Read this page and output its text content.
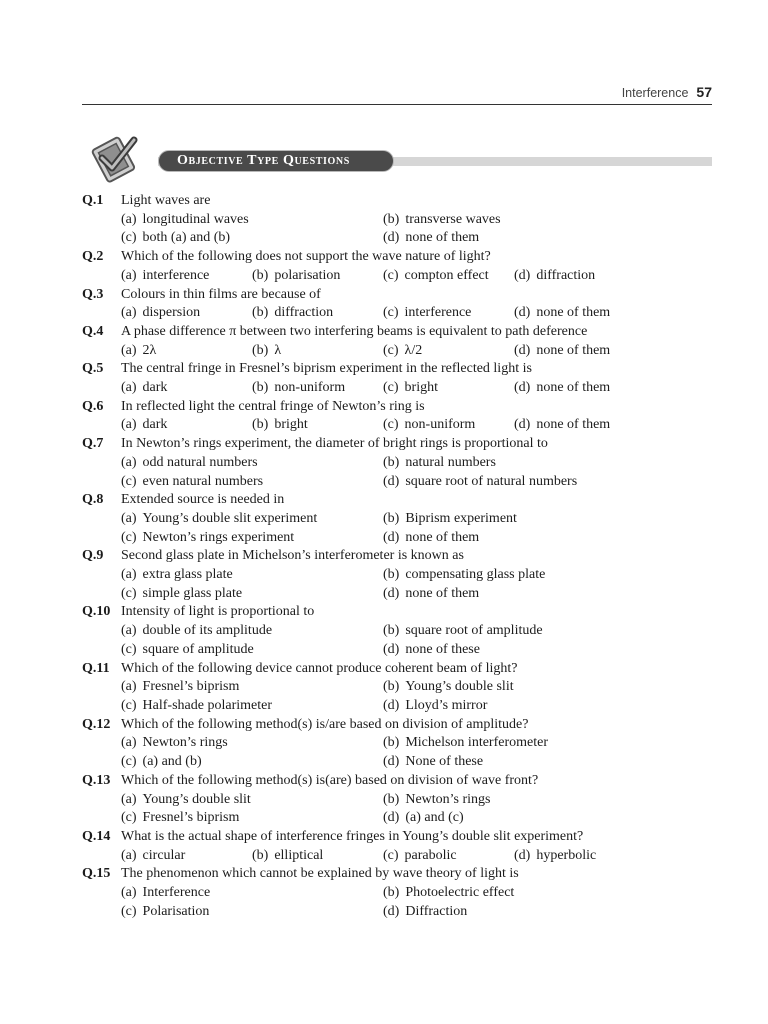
Interference 57
Objective Type Questions
Q.1	Light waves are
(a) longitudinal waves	(b) transverse waves
(c) both (a) and (b)	(d) none of them
Q.2	Which of the following does not support the wave nature of light?
(a) interference	(b) polarisation	(c) compton effect	(d) diffraction
Q.3	Colours in thin films are because of
(a) dispersion	(b) diffraction	(c) interference	(d) none of them
Q.4	A phase difference π between two interfering beams is equivalent to path deference
(a) 2λ	(b) λ	(c) λ/2	(d) none of them
Q.5	The central fringe in Fresnel’s biprism experiment in the reflected light is
(a) dark	(b) non-uniform	(c) bright	(d) none of them
Q.6	In reflected light the central fringe of Newton’s ring is
(a) dark	(b) bright	(c) non-uniform	(d) none of them
Q.7	In Newton’s rings experiment, the diameter of bright rings is proportional to
(a) odd natural numbers	(b) natural numbers
(c) even natural numbers	(d) square root of natural numbers
Q.8	Extended source is needed in
(a) Young’s double slit experiment	(b) Biprism experiment
(c) Newton’s rings experiment	(d) none of them
Q.9	Second glass plate in Michelson’s interferometer is known as
(a) extra glass plate	(b) compensating glass plate
(c) simple glass plate	(d) none of them
Q.10 Intensity of light is proportional to
(a) double of its amplitude	(b) square root of amplitude
(c) square of amplitude	(d) none of these
Q.11 Which of the following device cannot produce coherent beam of light?
(a) Fresnel’s biprism	(b) Young’s double slit
(c) Half-shade polarimeter	(d) Lloyd’s mirror
Q.12 Which of the following method(s) is/are based on division of amplitude?
(a) Newton’s rings	(b) Michelson interferometer
(c) (a) and (b)	(d) None of these
Q.13 Which of the following method(s) is(are) based on division of wave front?
(a) Young’s double slit	(b) Newton’s rings
(c) Fresnel’s biprism	(d) (a) and (c)
Q.14 What is the actual shape of interference fringes in Young’s double slit experiment?
(a) circular	(b) elliptical	(c) parabolic	(d) hyperbolic
Q.15 The phenomenon which cannot be explained by wave theory of light is
(a) Interference	(b) Photoelectric effect
(c) Polarisation	(d) Diffraction
